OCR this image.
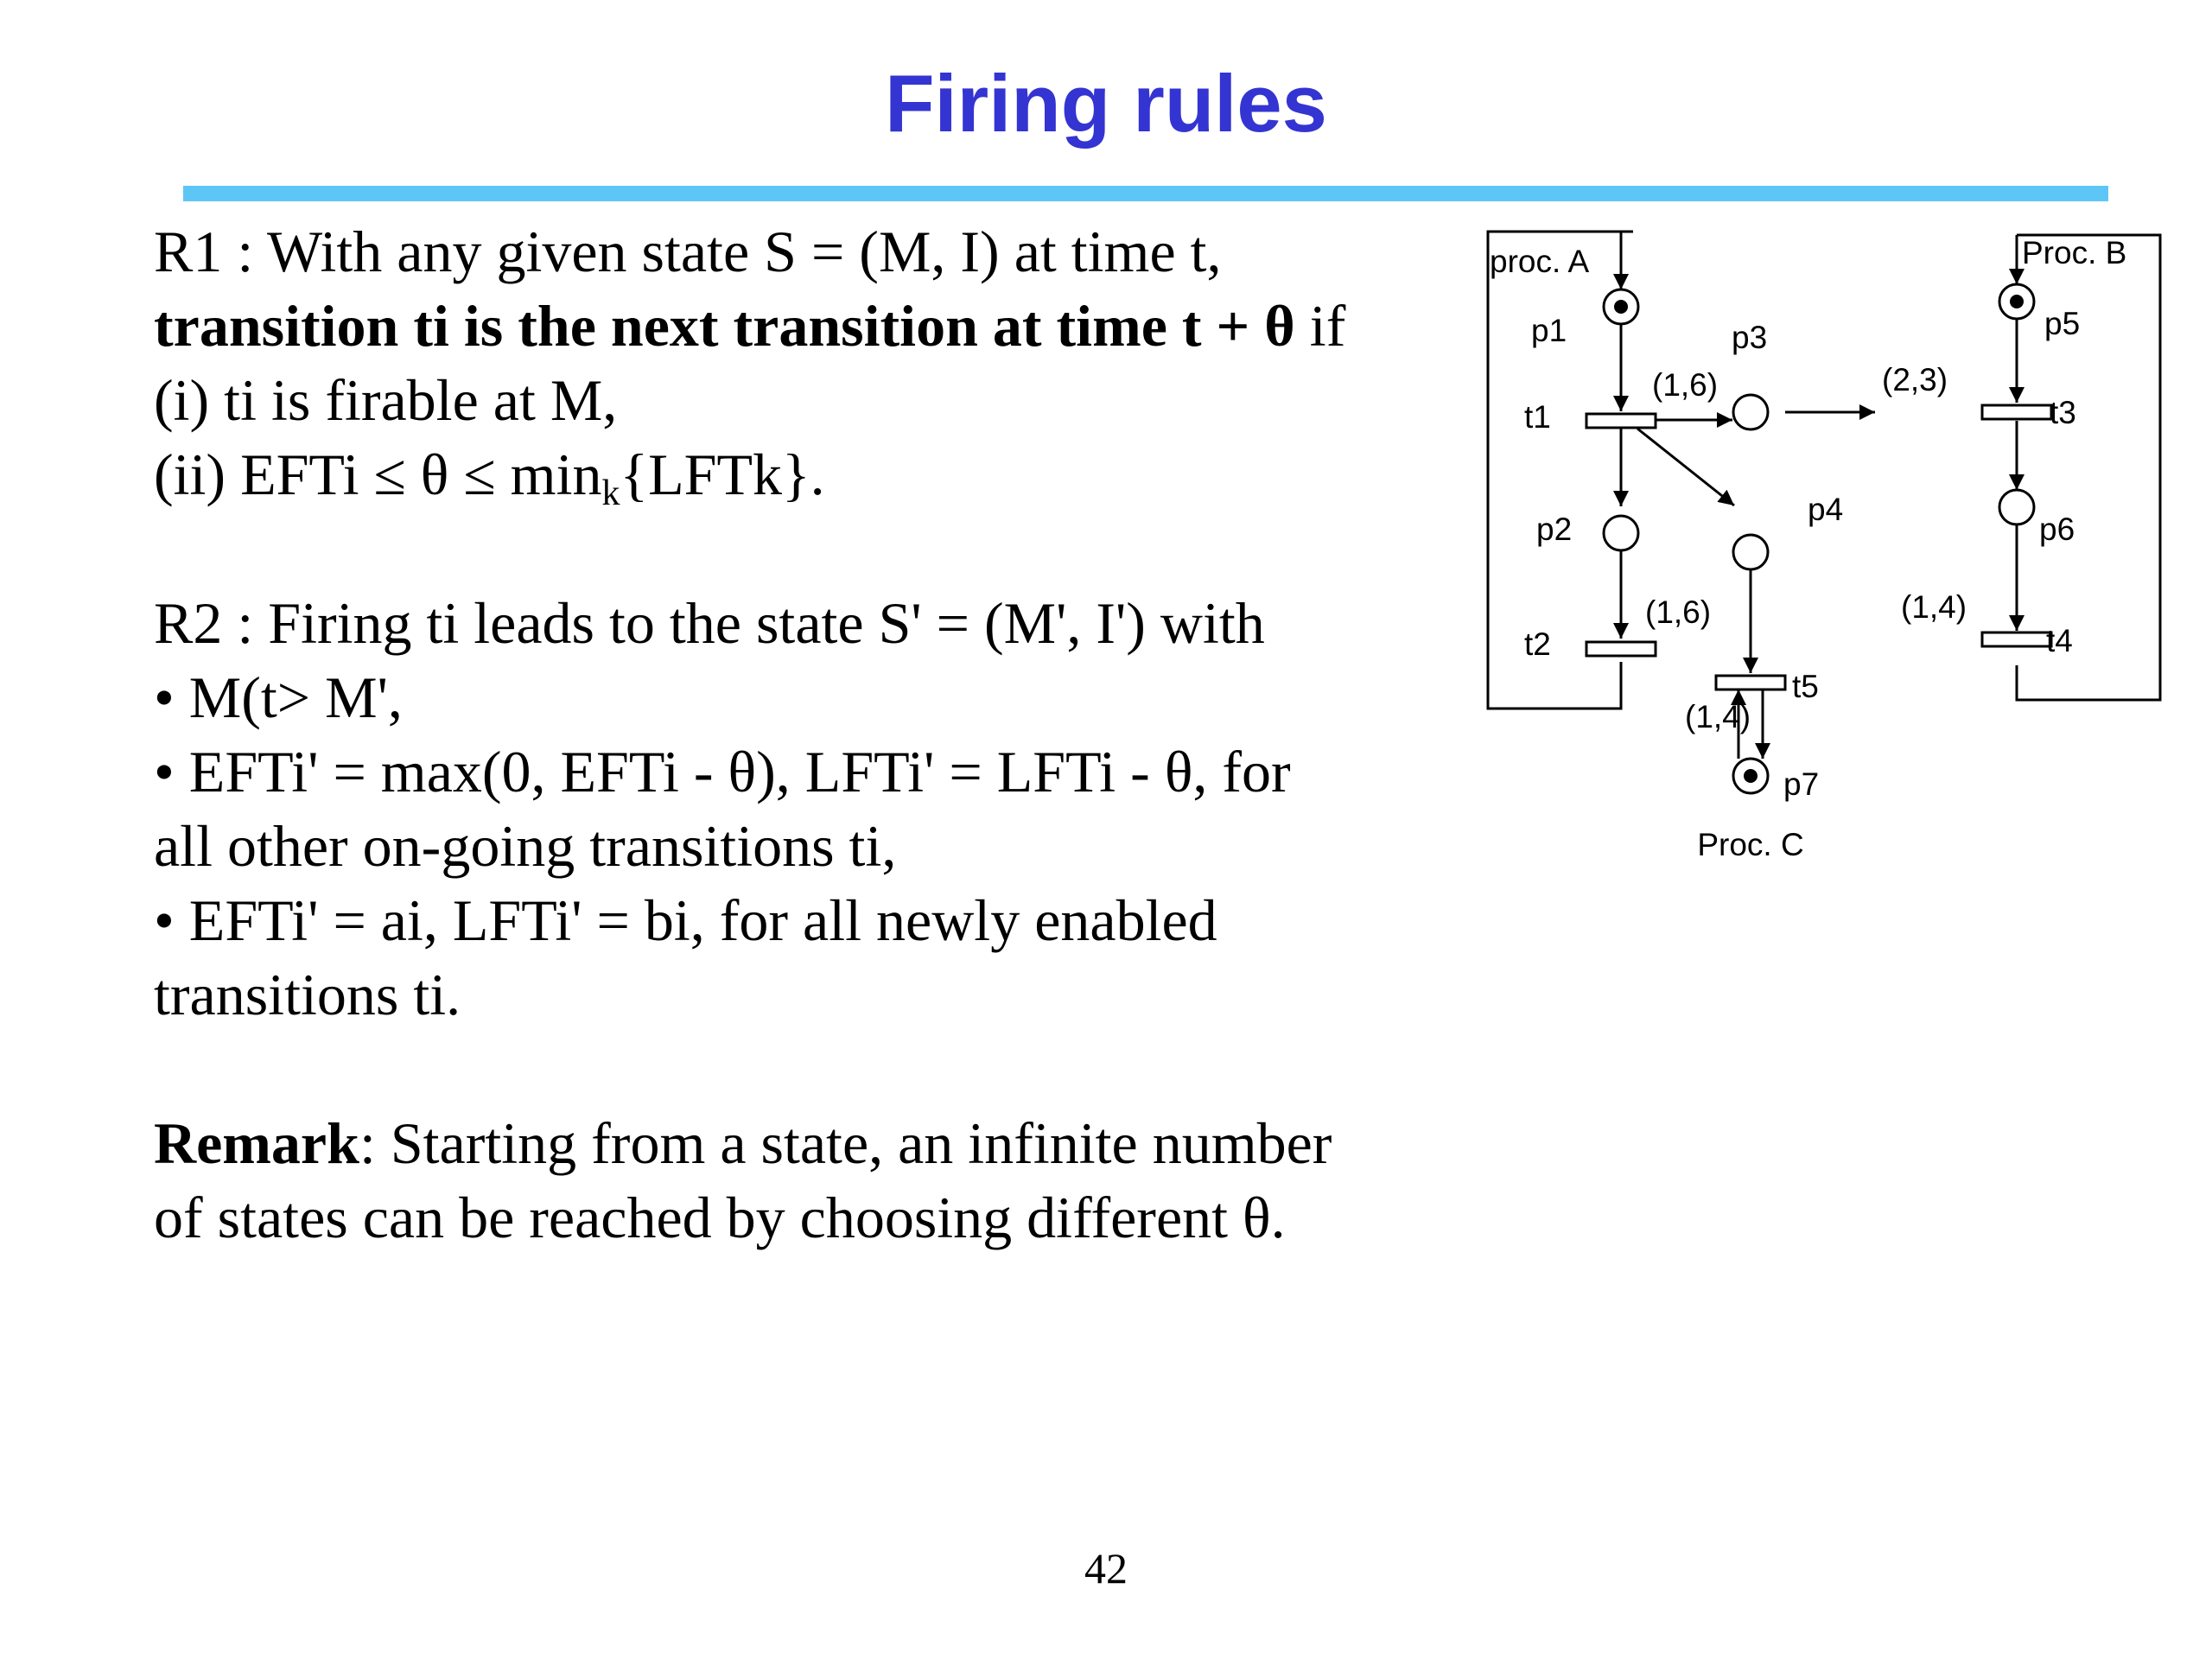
Firing rules
R1 : With any given state S = (M, I) at time t,
transition ti is the next transition at time t + θ if
(i) ti is firable at M,
(ii) EFTi ≤ $\theta \le \min_k\{LFTk\}$.
R2 : Firing ti leads to the state S' = (M', I') with
• M(t> M',
• EFTi' = max(0, EFTi - θ), LFTi' = LFTi - θ, for
all other on-going transitions ti,
• EFTi' = ai, LFTi' = bi, for all newly enabled
transitions ti.
Remark: Starting from a state, an infinite number
of states can be reached by choosing different θ.
proc. A	Proc. B
Proc. C
p1
p2
p3
p4
p5
p6
p7
t1
t2
t3
t4
t5
(1,6)
(1,6)
(2,3)
(1,4)
(1,4)
42
